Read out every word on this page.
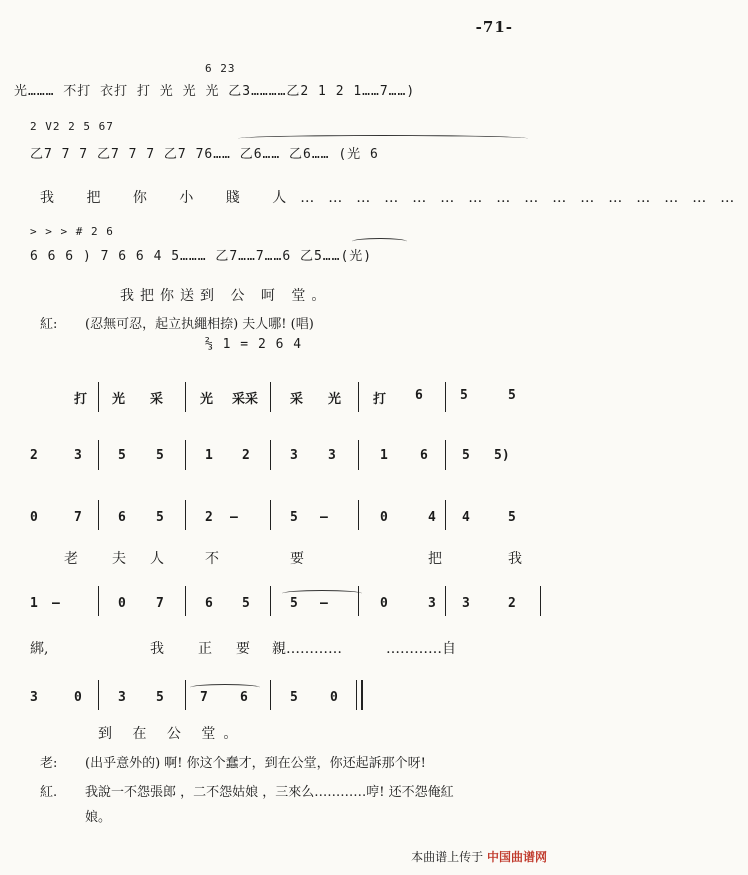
-71-
6 23
光……… 不打 衣打 打 光 光 光 乙3…………乙2 1 2 1……7……)
2 V2 2 5 67
乙7 7 7 乙7 7 7 乙7 76…… 乙6…… 乙6…… (光 6
我 把 你 小 賤 人…………………………………………
> > > # 2 6
6 6 6 ) 7 6 6 4 5……… 乙7……7……6 乙5……(光)
我把你送到 公 呵 堂。
紅: (忍無可忍，起立执繩相捺) 夫人哪! (唱)
⅔ 1 = 2 6 4
打 光 采	光 采采 采 光 打 6	5	5
2	3	5 5	1 2	3 3	1 6	5 5)
0	7	6 5	2 —	5 —	0	4 4	5
老 夫 人	不	要	把	我
1 —	0 7	6 5	5 —	0	3 3	2
綁,	我 正 要 親…………	…………自
3	0	3 5	7 6	5 0
到 在 公 堂。
老: (出乎意外的) 啊! 你这个蠢才，到在公堂，你还起訴那个呀!
紅. 我說一不怨張郎 ，二不怨姑娘 ，三來么…………哼! 还不怨俺紅
娘。
本曲谱上传于 中国曲谱网
